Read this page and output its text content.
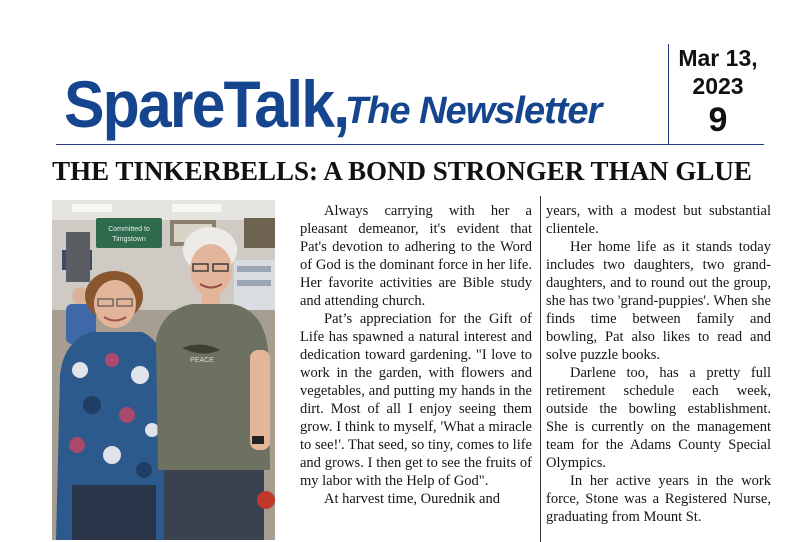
SpareTalk,
The Newsletter
Mar 13,
2023
9
THE TINKERBELLS: A BOND STRONGER THAN GLUE
Committed to
Timgstown
PEACE

Always carrying with her a pleasant demeanor, it's evident that Pat's devotion to adhering to the Word of God is the dominant force in her life. Her favorite activities are Bible study and attending church.

Pat’s appreciation for the Gift of Life has spawned a natural interest and dedication toward gardening. "I love to work in the garden, with flowers and vegetables, and putting my hands in the dirt. Most of all I enjoy seeing them grow. I think to myself, 'What a miracle to see!'. That seed, so tiny, comes to life and grows. I then get to see the fruits of my labor with the Help of God".

At harvest time, Ourednik and

years, with a modest but substantial clientele.

Her home life as it stands today includes two daughters, two grand-daughters, and to round out the group, she has two 'grand-puppies'. When she finds time between family and bowling, Pat also likes to read and solve puzzle books.

Darlene too, has a pretty full retirement schedule each week, outside the bowling establishment. She is currently on the management team for the Adams County Special Olympics.

In her active years in the work force, Stone was a Registered Nurse, graduating from Mount St.
